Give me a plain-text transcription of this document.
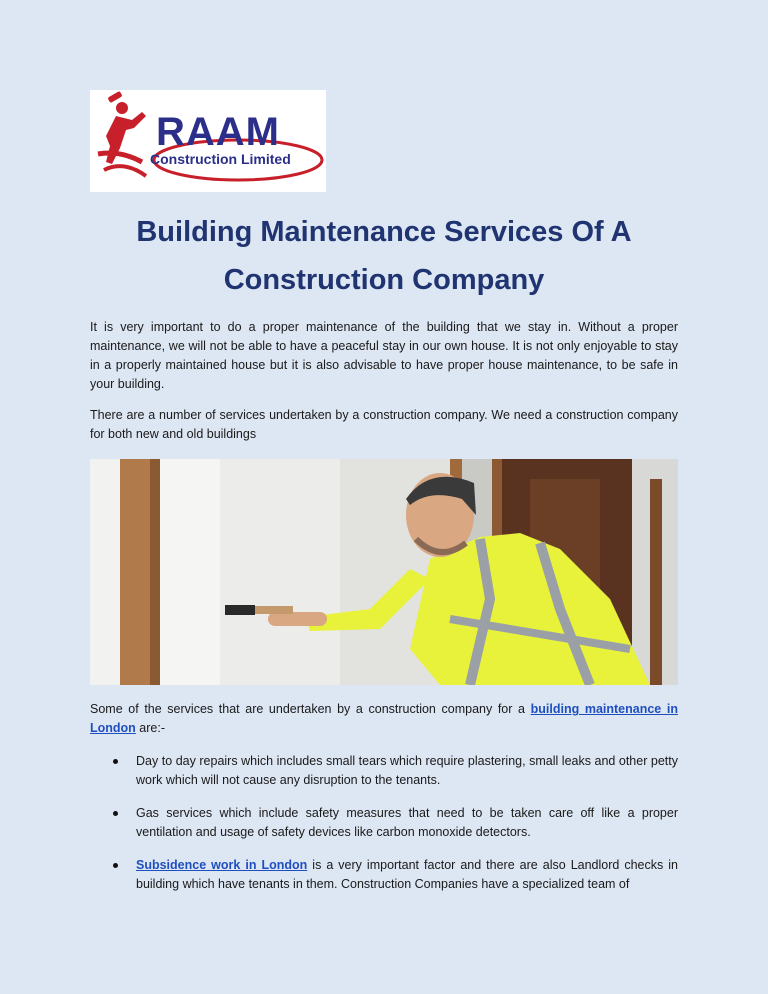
RAAM
Construction Limited
Building Maintenance Services Of A
Construction Company

It is very important to do a proper maintenance of the building that we stay in. Without a proper maintenance, we will not be able to have a peaceful stay in our own house. It is not only enjoyable to stay in a properly maintained house but it is also advisable to have proper house maintenance, to be safe in your building.

There are a number of services undertaken by a construction company. We need a construction company for both new and old buildings

Some of the services that are undertaken by a construction company for a building maintenance in London are:-

Day to day repairs which includes small tears which require plastering, small leaks and other petty work which will not cause any disruption to the tenants.
Gas services which include safety measures that need to be taken care off like a proper ventilation and usage of safety devices like carbon monoxide detectors.
Subsidence work in London is a very important factor and there are also Landlord checks in building which have tenants in them. Construction Companies have a specialized team of
